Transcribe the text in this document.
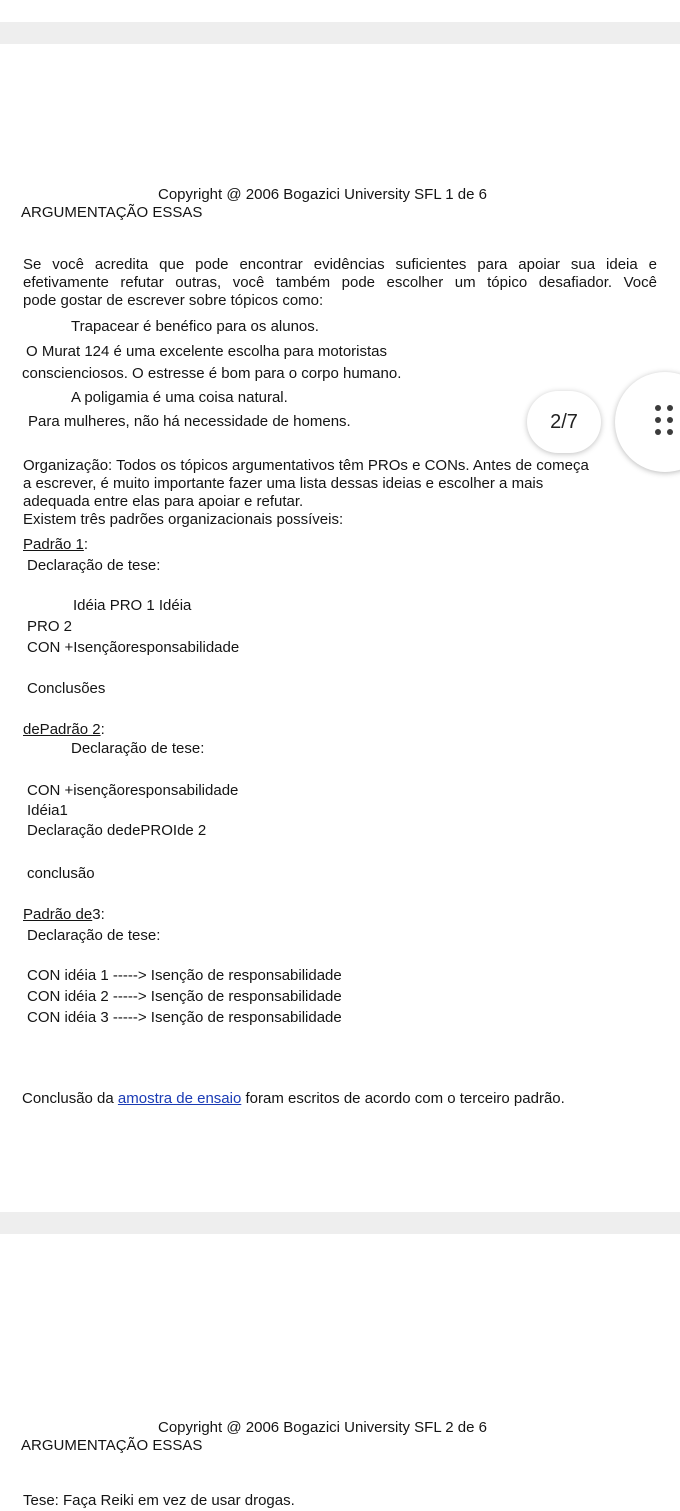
Copyright @ 2006 Bogazici University SFL 1 de 6
ARGUMENTAÇÃO ESSAS
Se você acredita que pode encontrar evidências suficientes para apoiar sua ideia e
efetivamente refutar outras, você também pode escolher um tópico desafiador. Você
pode gostar de escrever sobre tópicos como:
Trapacear é benéfico para os alunos.
O Murat 124 é uma excelente escolha para motoristas
conscienciosos. O estresse é bom para o corpo humano.
A poligamia é uma coisa natural.
Para mulheres, não há necessidade de homens.
Organização: Todos os tópicos argumentativos têm PROs e CONs. Antes de começa
a escrever, é muito importante fazer uma lista dessas ideias e escolher a mais
adequada entre elas para apoiar e refutar.
Existem três padrões organizacionais possíveis:
Padrão 1:
Declaração de tese:
Idéia PRO 1 Idéia
PRO 2
CON +Isençãoresponsabilidade
Conclusões
dePadrão 2:
Declaração de tese:
CON +isençãoresponsabilidade
Idéia1
Declaração dedePROIde 2
conclusão
Padrão de3:
Declaração de tese:
CON idéia 1 -----> Isenção de responsabilidade
CON idéia 2 -----> Isenção de responsabilidade
CON idéia 3 -----> Isenção de responsabilidade
Conclusão da amostra de ensaio foram escritos de acordo com o terceiro padrão.
Copyright @ 2006 Bogazici University SFL 2 de 6
ARGUMENTAÇÃO ESSAS
Tese: Faça Reiki em vez de usar drogas.
2/7
